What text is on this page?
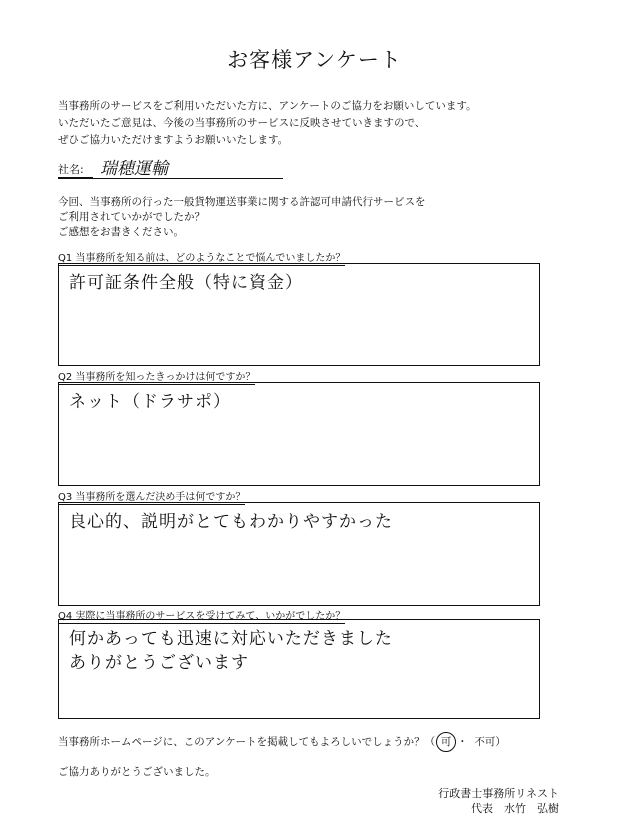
お客様アンケート
当事務所のサービスをご利用いただいた方に、アンケートのご協力をお願いしています。
いただいたご意見は、今後の当事務所のサービスに反映させていきますので、
ぜひご協力いただけますようお願いいたします。
社名: 瑞穂運輸
今回、当事務所の行った一般貨物運送事業に関する許認可申請代行サービスを
ご利用されていかがでしたか？
ご感想をお書きください。
Q1 当事務所を知る前は、どのようなことで悩んでいましたか？
許可証条件全般（特に資金）
Q2 当事務所を知ったきっかけは何ですか？
ネット（ドラサポ）
Q3 当事務所を選んだ決め手は何ですか？
良心的、説明がとてもわかりやすかった
Q4 実際に当事務所のサービスを受けてみて、いかがでしたか？
何かあっても迅速に対応いただきました
ありがとうございます
当事務所ホームページに、このアンケートを掲載してもよろしいでしょうか？（ 可 ・ 不可）
ご協力ありがとうございました。
行政書士事務所リネスト
代表　水竹　弘樹
